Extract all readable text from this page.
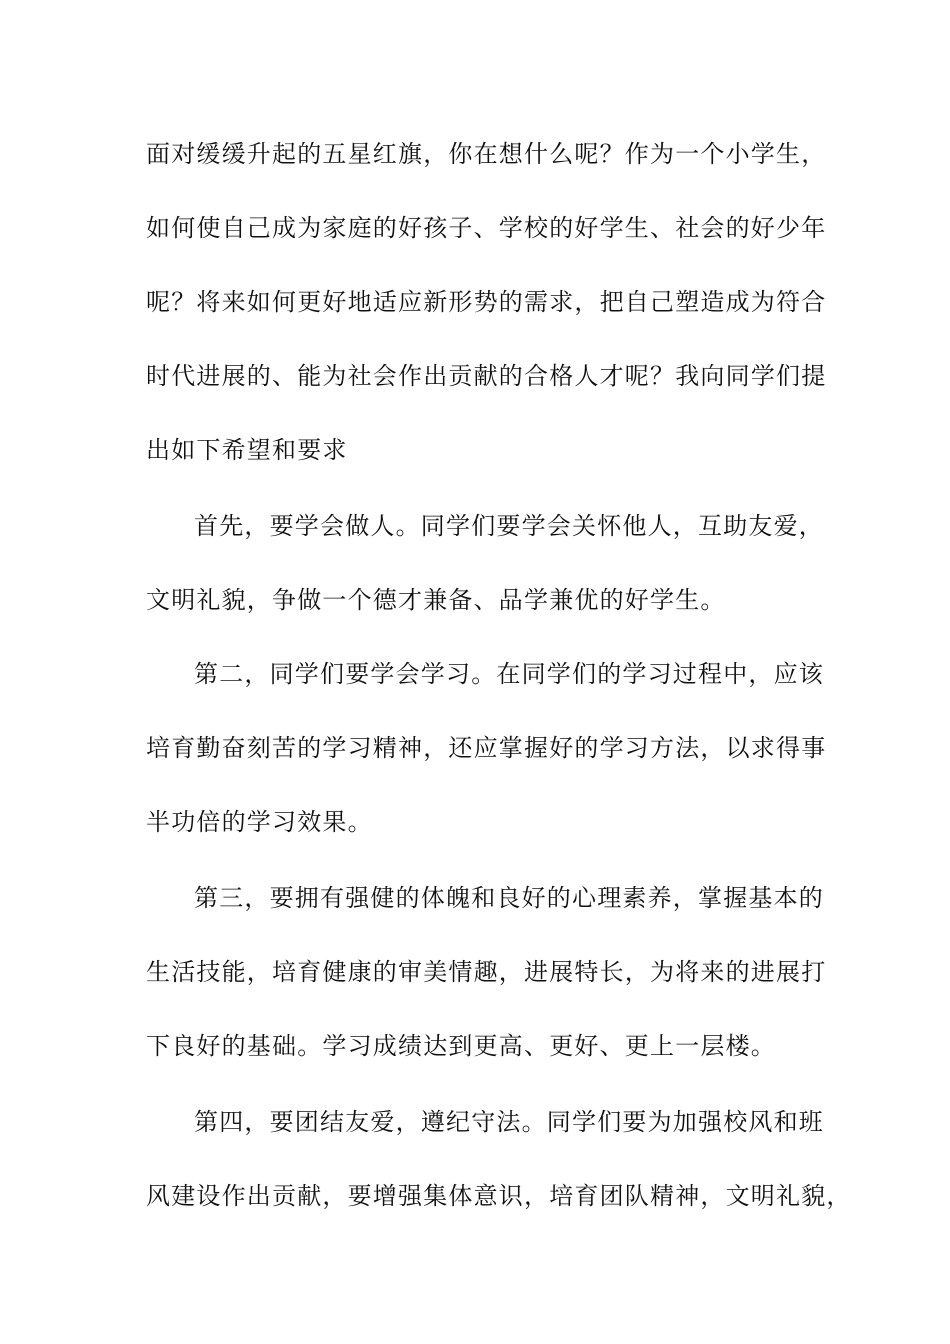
面对缓缓升起的五星红旗，你在想什么呢？作为一个小学生，
如何使自己成为家庭的好孩子、学校的好学生、社会的好少年
呢？将来如何更好地适应新形势的需求，把自己塑造成为符合
时代进展的、能为社会作出贡献的合格人才呢？我向同学们提
出如下希望和要求
首先，要学会做人。同学们要学会关怀他人，互助友爱，
文明礼貌，争做一个德才兼备、品学兼优的好学生。
第二，同学们要学会学习。在同学们的学习过程中，应该
培育勤奋刻苦的学习精神，还应掌握好的学习方法，以求得事
半功倍的学习效果。
第三，要拥有强健的体魄和良好的心理素养，掌握基本的
生活技能，培育健康的审美情趣，进展特长，为将来的进展打
下良好的基础。学习成绩达到更高、更好、更上一层楼。
第四，要团结友爱，遵纪守法。同学们要为加强校风和班
风建设作出贡献，要增强集体意识，培育团队精神，文明礼貌，
